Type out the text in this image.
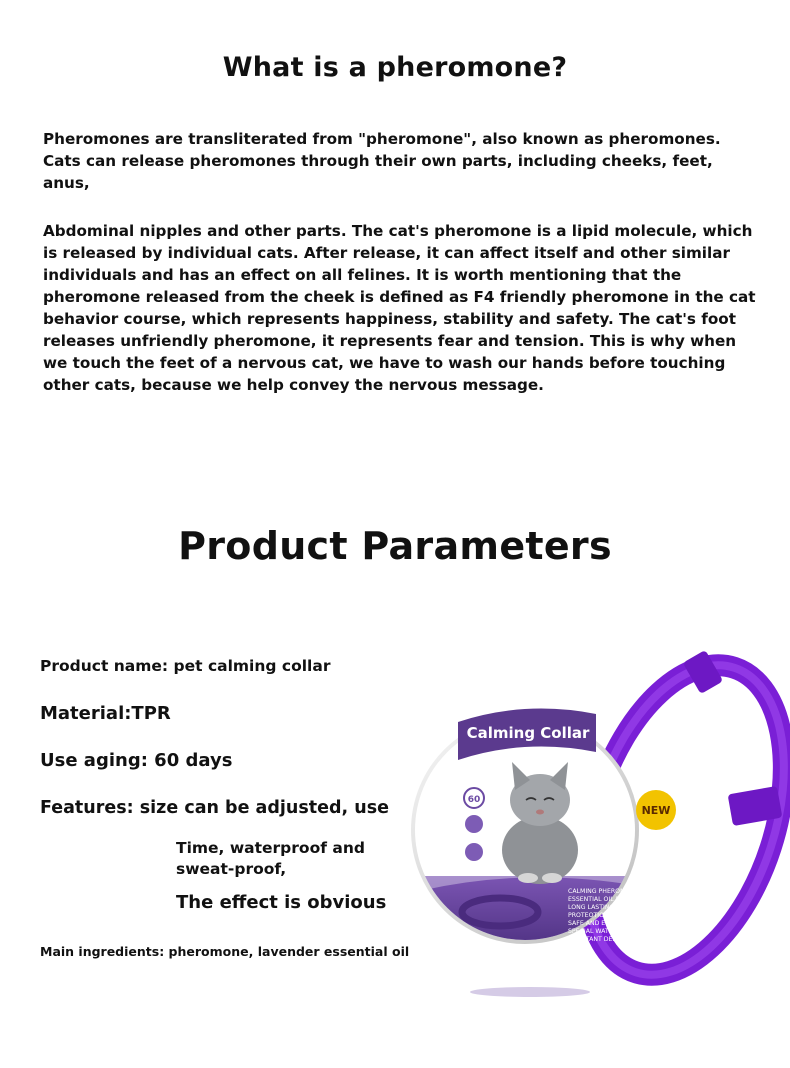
What is a pheromone?
Pheromones are transliterated from "pheromone", also known as pheromones. Cats can release pheromones through their own parts, including cheeks, feet, anus,
Abdominal nipples and other parts. The cat's pheromone is a lipid molecule, which is released by individual cats. After release, it can affect itself and other similar individuals and has an effect on all felines. It is worth mentioning that the pheromone released from the cheek is defined as F4 friendly pheromone in the cat behavior course, which represents happiness, stability and safety. The cat's foot releases unfriendly pheromone, it represents fear and tension. This is why when we touch the feet of a nervous cat, we have to wash our hands before touching other cats, because we help convey the nervous message.
Product Parameters
Product name: pet calming collar
Material:TPR
Use aging: 60 days
Features: size can be adjusted, use
Time, waterproof and sweat-proof,
The effect is obvious
Main ingredients: pheromone, lavender essential oil
Calming Collar
60
NEW
CALMING PHEROMONE &
ESSENTIAL OIL BLEND
LONG LASTING
PROTEOTION
SAFE AND ECO FRIENDLY
SPECIAL WATER
RESISTANT DESIGN
